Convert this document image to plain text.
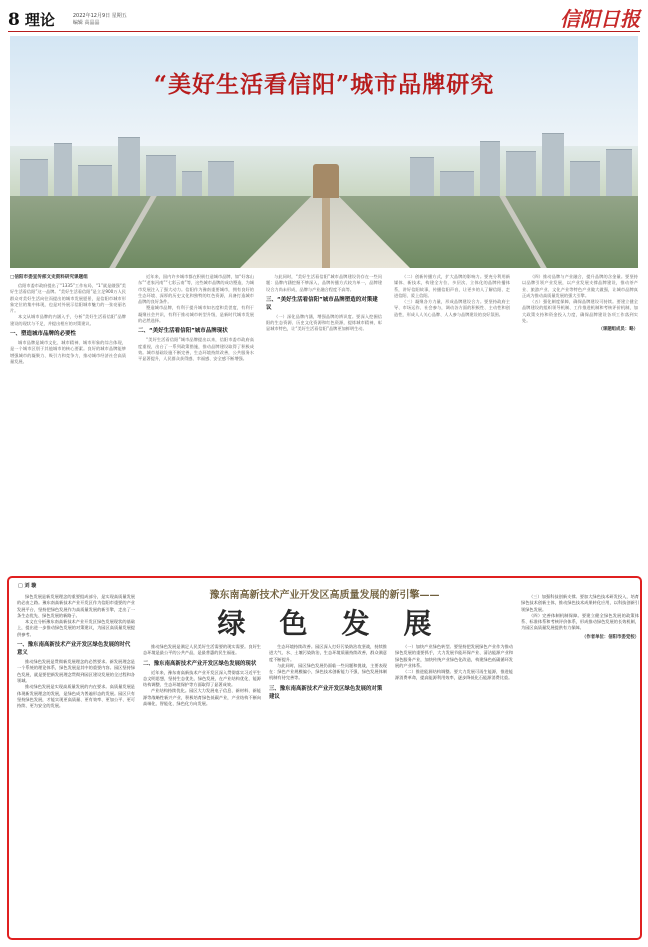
8 理论	2022年12月9日 星期五
编辑 高晶晶	信阳日报
“美好生活看信阳”城市品牌研究
□信阳市委宣传部文史资料研究课题组

信阳市委市政府提出了“1335”工作布局，“1”就是做强“美好生活看信阳”这一品牌。“美好生活看信阳”是立足900万人民群众对美好生活向往而提出的城市发展愿景，是信阳市城市形象定位的集中体现，也是对外展示信阳城市魅力的一张亮丽名片。

本文从城市品牌的内涵入手，分析“美好生活看信阳”品牌建设的现状与不足，并提出相应的对策建议。

一、塑造城市品牌的必要性

城市品牌是城市文化、城市精神、城市形象的综合体现，是一个城市区别于其他城市的核心要素。良好的城市品牌能够增强城市的凝聚力、吸引力和竞争力，推动城市经济社会高质量发展。

近年来，国内许多城市都在积极打造城市品牌，如“好客山东”“老家河南”“七彩云南”等，这些城市品牌的成功塑造，为城市发展注入了强大动力。信阳作为豫南重要城市，拥有良好的生态环境、深厚的历史文化和独特的红色资源，具备打造城市品牌的良好条件。

塑造城市品牌，有利于提升城市知名度和美誉度，有利于凝聚社会共识，有利于推动城市转型升级，是新时代城市发展的必然选择。

二、“美好生活看信阳”城市品牌现状

“美好生活看信阳”城市品牌提出以来，信阳市委市政府高度重视，出台了一系列政策措施，推动品牌建设取得了积极成效。城市基础设施不断完善，生态环境持续改善，公共服务水平显著提升，人民群众获得感、幸福感、安全感不断增强。

与此同时，“美好生活看信阳”城市品牌建设仍存在一些问题：品牌内涵挖掘不够深入，品牌传播方式较为单一，品牌建设合力尚未形成，品牌与产业融合程度不高等。

三、“美好生活看信阳”城市品牌塑造的对策建议

（一）深化品牌内涵，增强品牌的辨识度。要深入挖掘信阳的生态资源、历史文化资源和红色资源，提炼城市精神，彰显城市特色，让“美好生活看信阳”品牌更加鲜明生动。

（二）创新传播方式，扩大品牌的影响力。要充分利用新媒体、新技术，构建全方位、多层次、立体化的品牌传播体系，讲好信阳故事，传播信阳声音，让更多的人了解信阳、走进信阳、爱上信阳。

（三）凝聚各方力量，形成品牌建设合力。要坚持政府主导、市场运作、社会参与，调动各方面的积极性、主动性和创造性，形成人人关心品牌、人人参与品牌建设的良好氛围。

（四）推动品牌与产业融合，提升品牌的含金量。要坚持以品牌引领产业发展，以产业发展支撑品牌建设，推动茶产业、旅游产业、文化产业等特色产业做大做强，让城市品牌真正成为推动高质量发展的强大引擎。

（五）强化制度保障，确保品牌建设可持续。要建立健全品牌建设的组织领导机制、工作推进机制和考核评价机制，加大政策支持和资金投入力度，确保品牌建设各项工作落到实处。

（课题组成员：略）
□ 刘 璇
豫东南高新技术产业开发区高质量发展的新引擎——
绿色发展

绿色发展是新发展理念的重要组成部分，是实现高质量发展的必由之路。豫东南高新技术产业开发区作为信阳市重要的产业发展平台，坚持把绿色发展作为高质量发展的新引擎，走出了一条生态优先、绿色发展的新路子。

本文在分析豫东南高新技术产业开发区绿色发展现状的基础上，提出进一步推动绿色发展的对策建议，为园区高质量发展提供参考。

一、豫东南高新技术产业开发区绿色发展的时代意义

推动绿色发展是贯彻新发展理念的必然要求。新发展理念是一个系统的理论体系，绿色发展是其中的重要内容。园区坚持绿色发展，就是要把新发展理念贯彻到园区建设发展的全过程和各领域。

推动绿色发展是实现高质量发展的内在要求。高质量发展是体现新发展理念的发展，是绿色成为普遍形态的发展。园区只有坚持绿色发展，才能实现更高质量、更有效率、更加公平、更可持续、更为安全的发展。

推动绿色发展是满足人民美好生活需要的现实需要。良好生态环境是最公平的公共产品，是最普惠的民生福祉。

二、豫东南高新技术产业开发区绿色发展的现状

近年来，豫东南高新技术产业开发区深入贯彻落实习近平生态文明思想，坚持生态优先、绿色发展，在产业结构优化、能源结构调整、生态环境保护等方面取得了显著成效。

产业结构持续优化。园区大力发展电子信息、新材料、新能源等战略性新兴产业，积极培育绿色低碳产业，产业结构不断向高端化、智能化、绿色化方向发展。

生态环境持续改善。园区深入打好污染防治攻坚战，持续推进大气、水、土壤污染防治，生态环境质量持续改善，群众满意度不断提升。

与此同时，园区绿色发展仍面临一些问题和挑战，主要表现在：绿色产业规模偏小，绿色技术创新能力不强，绿色发展体制机制有待完善等。

三、豫东南高新技术产业开发区绿色发展的对策建议

（一）加快产业绿色转型。要坚持把发展绿色产业作为推动绿色发展的重要抓手，大力发展节能环保产业、清洁能源产业和绿色服务产业，加快传统产业绿色化改造，构建绿色低碳循环发展的产业体系。

（二）推进能源结构调整。要大力发展可再生能源，推进能源消费革命，提高能源利用效率，逐步降低化石能源消费比重。

（三）加强科技创新支撑。要加大绿色技术研发投入，培育绿色技术创新主体，推动绿色技术成果转化应用，以科技创新引领绿色发展。

（四）完善体制机制保障。要建立健全绿色发展的政策体系、标准体系和考核评价体系，形成推动绿色发展的长效机制，为园区高质量发展提供有力保障。

（作者单位：信阳市委党校）
